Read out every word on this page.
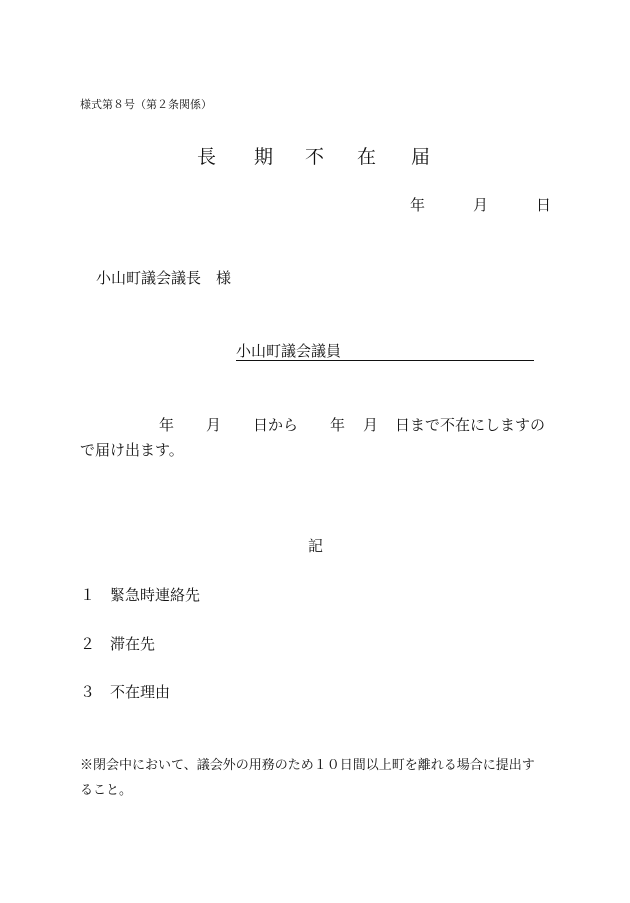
様式第８号（第２条関係）
長 期 不 在 届
年	月	日
小山町議会議長　様
小山町議会議員
年 月 日から 年 月 日まで不在にしますの
で届け出ます。
記
１ 緊急時連絡先
２ 滞在先
３ 不在理由
※閉会中において、議会外の用務のため１０日間以上町を離れる場合に提出す
ること。
